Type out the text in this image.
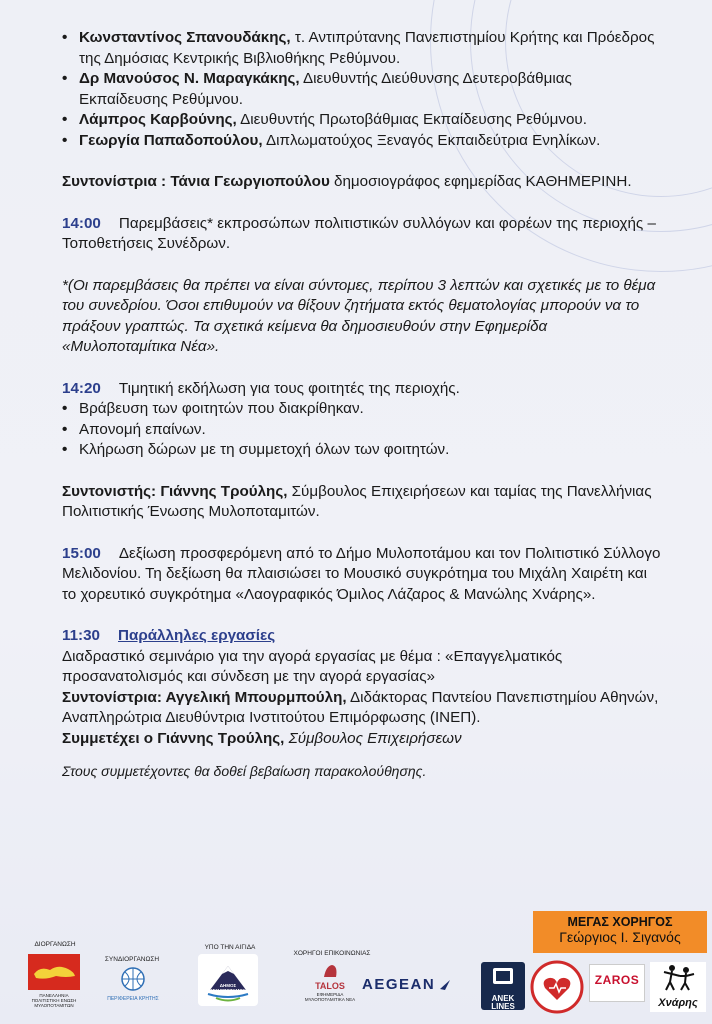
• Κωνσταντίνος Σπανουδάκης, τ. Αντιπρύτανης Πανεπιστημίου Κρήτης και Πρόεδρος της Δημόσιας Κεντρικής Βιβλιοθήκης Ρεθύμνου.
• Δρ Μανούσος Ν. Μαραγκάκης, Διευθυντής Διεύθυνσης Δευτεροβάθμιας Εκπαίδευσης Ρεθύμνου.
• Λάμπρος Καρβούνης, Διευθυντής Πρωτοβάθμιας Εκπαίδευσης Ρεθύμνου.
• Γεωργία Παπαδοπούλου, Διπλωματούχος Ξεναγός Εκπαιδεύτρια Ενηλίκων.

Συντονίστρια : Τάνια Γεωργιοπούλου δημοσιογράφος εφημερίδας ΚΑΘΗΜΕΡΙΝΗ.

14:00 Παρεμβάσεις* εκπροσώπων πολιτιστικών συλλόγων και φορέων της περιοχής –Τοποθετήσεις Συνέδρων.

*(Οι παρεμβάσεις θα πρέπει να είναι σύντομες, περίπου 3 λεπτών και σχετικές με το θέμα του συνεδρίου. Όσοι επιθυμούν να θίξουν ζητήματα εκτός θεματολογίας μπορούν να το πράξουν γραπτώς. Τα σχετικά κείμενα θα δημοσιευθούν στην Εφημερίδα «Μυλοποταμίτικα Νέα».

14:20 Τιμητική εκδήλωση για τους φοιτητές της περιοχής.

• Βράβευση των φοιτητών που διακρίθηκαν.
• Απονομή επαίνων.
• Κλήρωση δώρων με τη συμμετοχή όλων των φοιτητών.

Συντονιστής: Γιάννης Τρούλης, Σύμβουλος Επιχειρήσεων και ταμίας της Πανελλήνιας Πολιτιστικής Ένωσης Μυλοποταμιτών.

15:00 Δεξίωση προσφερόμενη από το Δήμο Μυλοποτάμου και τον Πολιτιστικό Σύλλογο Μελιδονίου. Τη δεξίωση θα πλαισιώσει το Μουσικό συγκρότημα του Μιχάλη Χαιρέτη και το χορευτικό συγκρότημα «Λαογραφικός Όμιλος Λάζαρος & Μανώλης Χνάρης».

11:30 Παράλληλες εργασίες

Διαδραστικό σεμινάριο για την αγορά εργασίας με θέμα : «Επαγγελματικός προσανατολισμός και σύνδεση με την αγορά εργασίας»

Συντονίστρια: Αγγελική Μπουρμπούλη, Διδάκτορας Παντείου Πανεπιστημίου Αθηνών, Αναπληρώτρια Διευθύντρια Ινστιτούτου Επιμόρφωσης (ΙΝΕΠ).

Συμμετέχει ο Γιάννης Τρούλης, Σύμβουλος Επιχειρήσεων

Στους συμμετέχοντες θα δοθεί βεβαίωση παρακολούθησης.

ΜΕΓΑΣ ΧΟΡΗΓΟΣ
Γεώργιος Ι. Σιγανός
ΔΙΟΡΓΑΝΩΣΗ
ΣΥΝΔΙΟΡΓΑΝΩΣΗ
ΥΠΟ ΤΗΝ ΑΙΓΙΔΑ
ΧΟΡΗΓΟΙ ΕΠΙΚΟΙΝΩΝΙΑΣ
ΠΑΝΕΛΛΗΝΙΑ ΠΟΛΙΤΙΣΤΙΚΗ ΕΝΩΣΗ ΜΥΛΟΠΟΤΑΜΙΤΩΝ
ΠΕΡΙΦΕΡΕΙΑ ΚΡΗΤΗΣ
ΔΗΜΟΣ ΜΥΛΟΠΟΤΑΜΟΥ	TALOS
ΕΦΗΜΕΡΙΔΑ ΜΥΛΟΠΟΤΑΜΙΤΙΚΑ ΝΕΑ
AEGEAN
ANEK LINES
ZAROS
Χνάρης
